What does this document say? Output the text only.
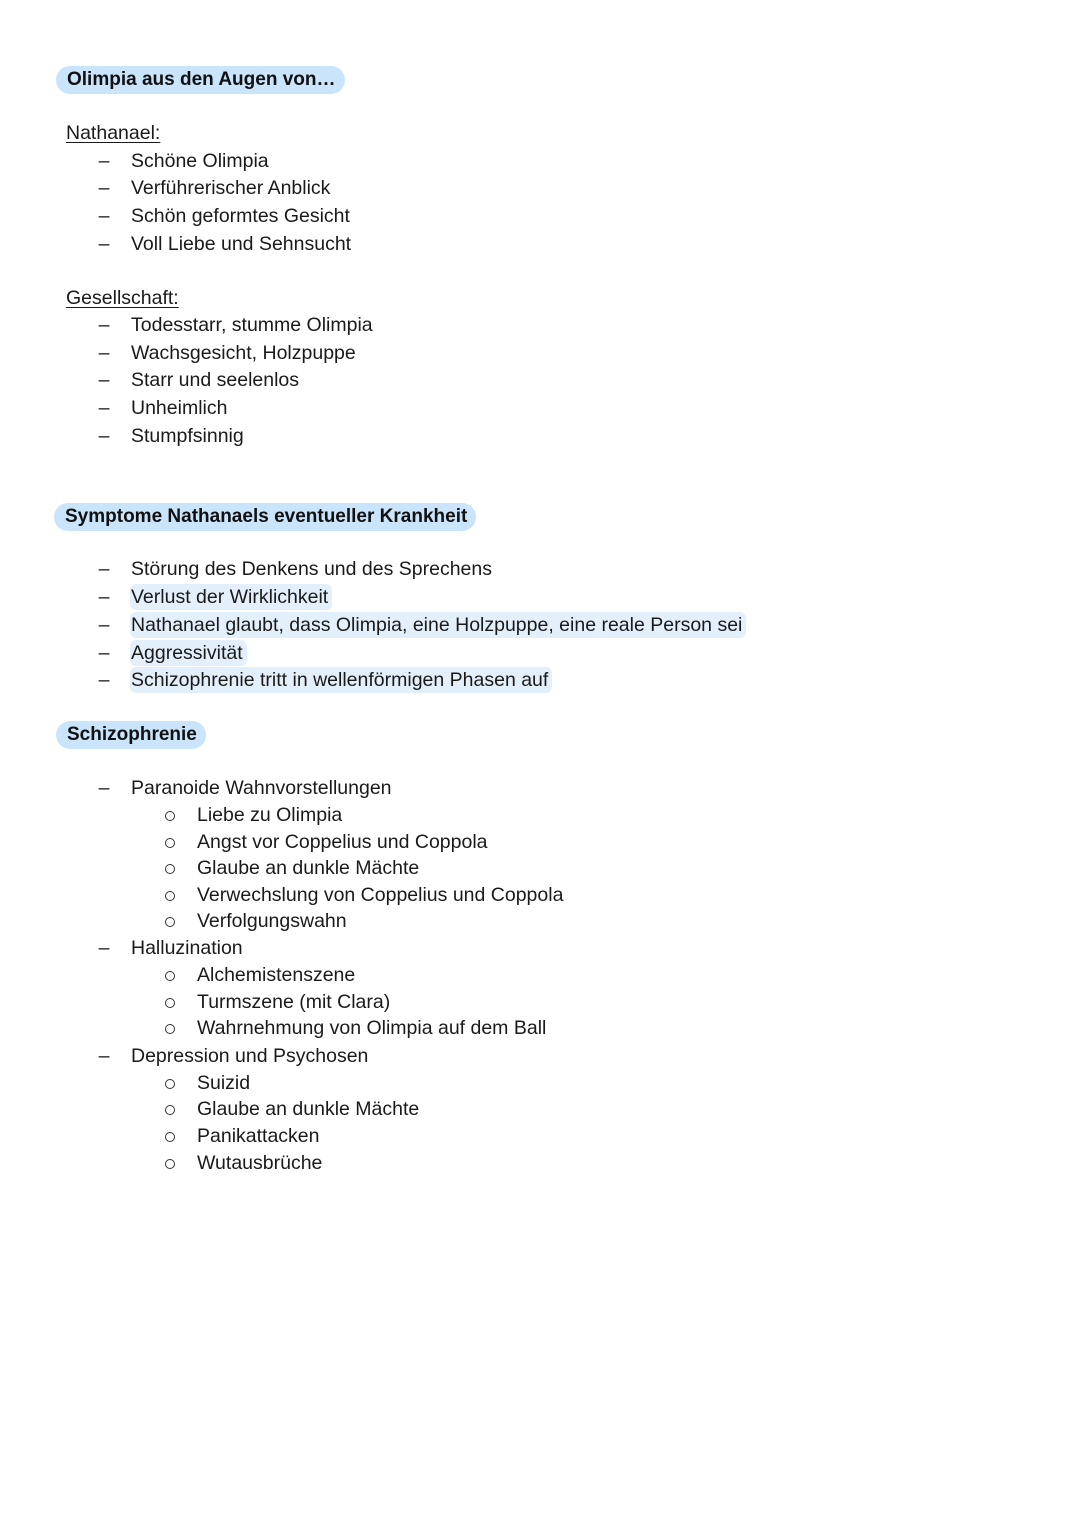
Olimpia aus den Augen von…
Nathanael:
– Schöne Olimpia
– Verführerischer Anblick
– Schön geformtes Gesicht
– Voll Liebe und Sehnsucht
Gesellschaft:
– Todesstarr, stumme Olimpia
– Wachsgesicht, Holzpuppe
– Starr und seelenlos
– Unheimlich
– Stumpfsinnig
Symptome Nathanaels eventueller Krankheit
– Störung des Denkens und des Sprechens
– Verlust der Wirklichkeit
– Nathanael glaubt, dass Olimpia, eine Holzpuppe, eine reale Person sei
– Aggressivität
– Schizophrenie tritt in wellenförmigen Phasen auf
Schizophrenie
– Paranoide Wahnvorstellungen
Liebe zu Olimpia
Angst vor Coppelius und Coppola
Glaube an dunkle Mächte
Verwechslung von Coppelius und Coppola
Verfolgungswahn
– Halluzination
Alchemistenszene
Turmszene (mit Clara)
Wahrnehmung von Olimpia auf dem Ball
– Depression und Psychosen
Suizid
Glaube an dunkle Mächte
Panikattacken
Wutausbrüche
